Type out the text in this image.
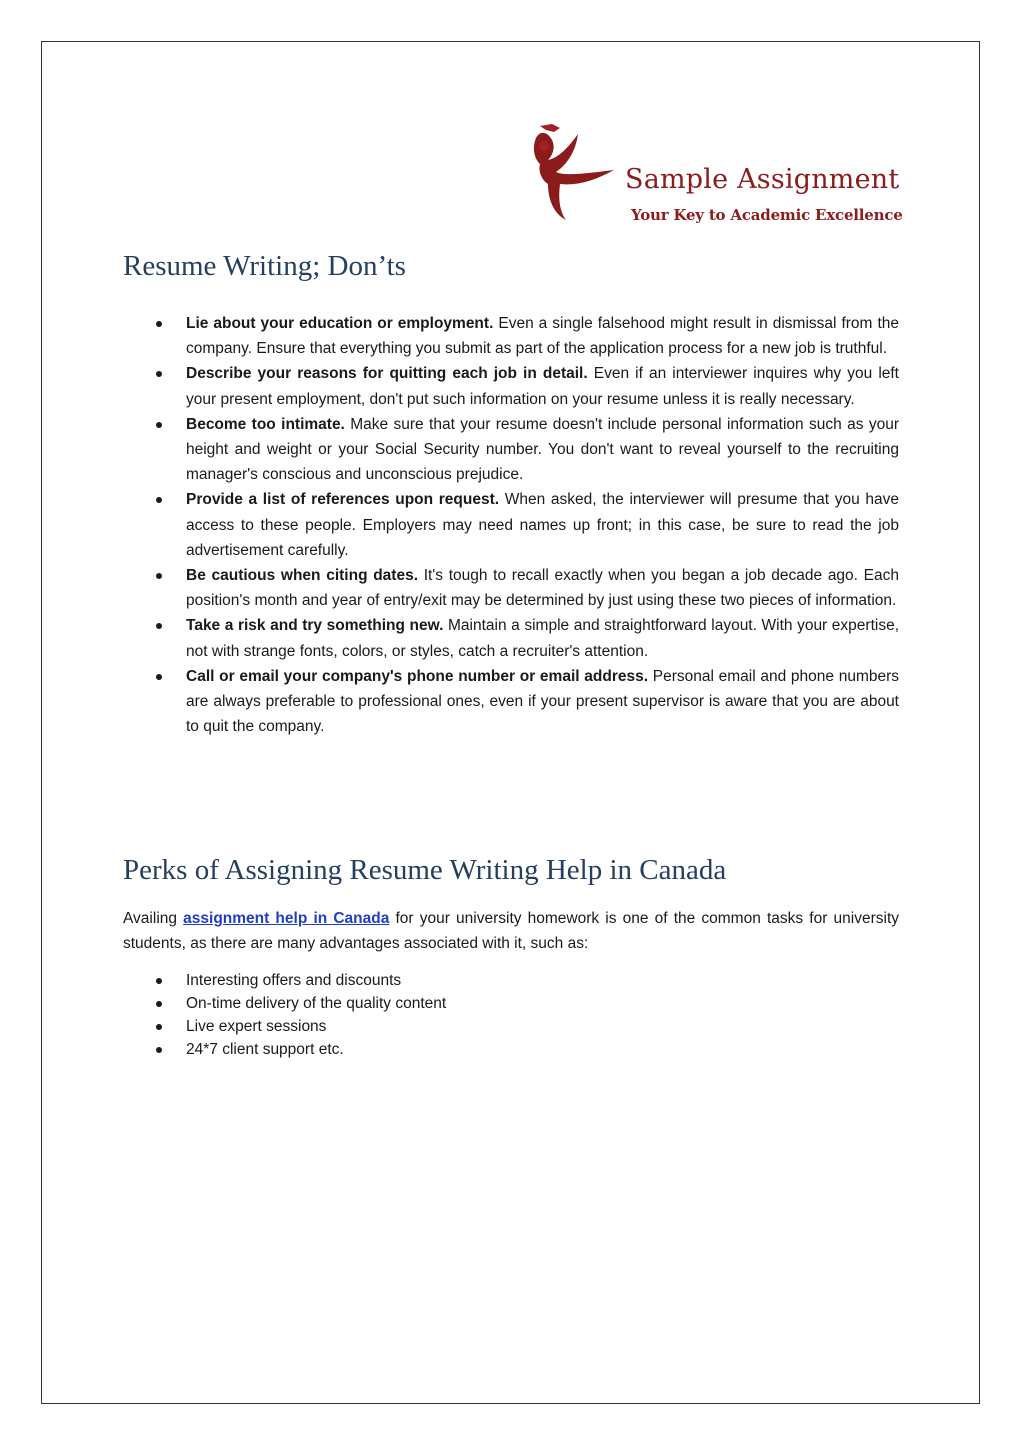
Sample Assignment
Your Key to Academic Excellence
Resume Writing; Don’ts
Lie about your education or employment. Even a single falsehood might result in dismissal from the company. Ensure that everything you submit as part of the application process for a new job is truthful.
Describe your reasons for quitting each job in detail. Even if an interviewer inquires why you left your present employment, don't put such information on your resume unless it is really necessary.
Become too intimate. Make sure that your resume doesn't include personal information such as your height and weight or your Social Security number. You don't want to reveal yourself to the recruiting manager's conscious and unconscious prejudice.
Provide a list of references upon request. When asked, the interviewer will presume that you have access to these people. Employers may need names up front; in this case, be sure to read the job advertisement carefully.
Be cautious when citing dates. It's tough to recall exactly when you began a job decade ago. Each position's month and year of entry/exit may be determined by just using these two pieces of information.
Take a risk and try something new. Maintain a simple and straightforward layout. With your expertise, not with strange fonts, colors, or styles, catch a recruiter's attention.
Call or email your company's phone number or email address. Personal email and phone numbers are always preferable to professional ones, even if your present supervisor is aware that you are about to quit the company.
Perks of Assigning Resume Writing Help in Canada

Availing assignment help in Canada for your university homework is one of the common tasks for university students, as there are many advantages associated with it, such as:

Interesting offers and discounts
On-time delivery of the quality content
Live expert sessions
24*7 client support etc.
